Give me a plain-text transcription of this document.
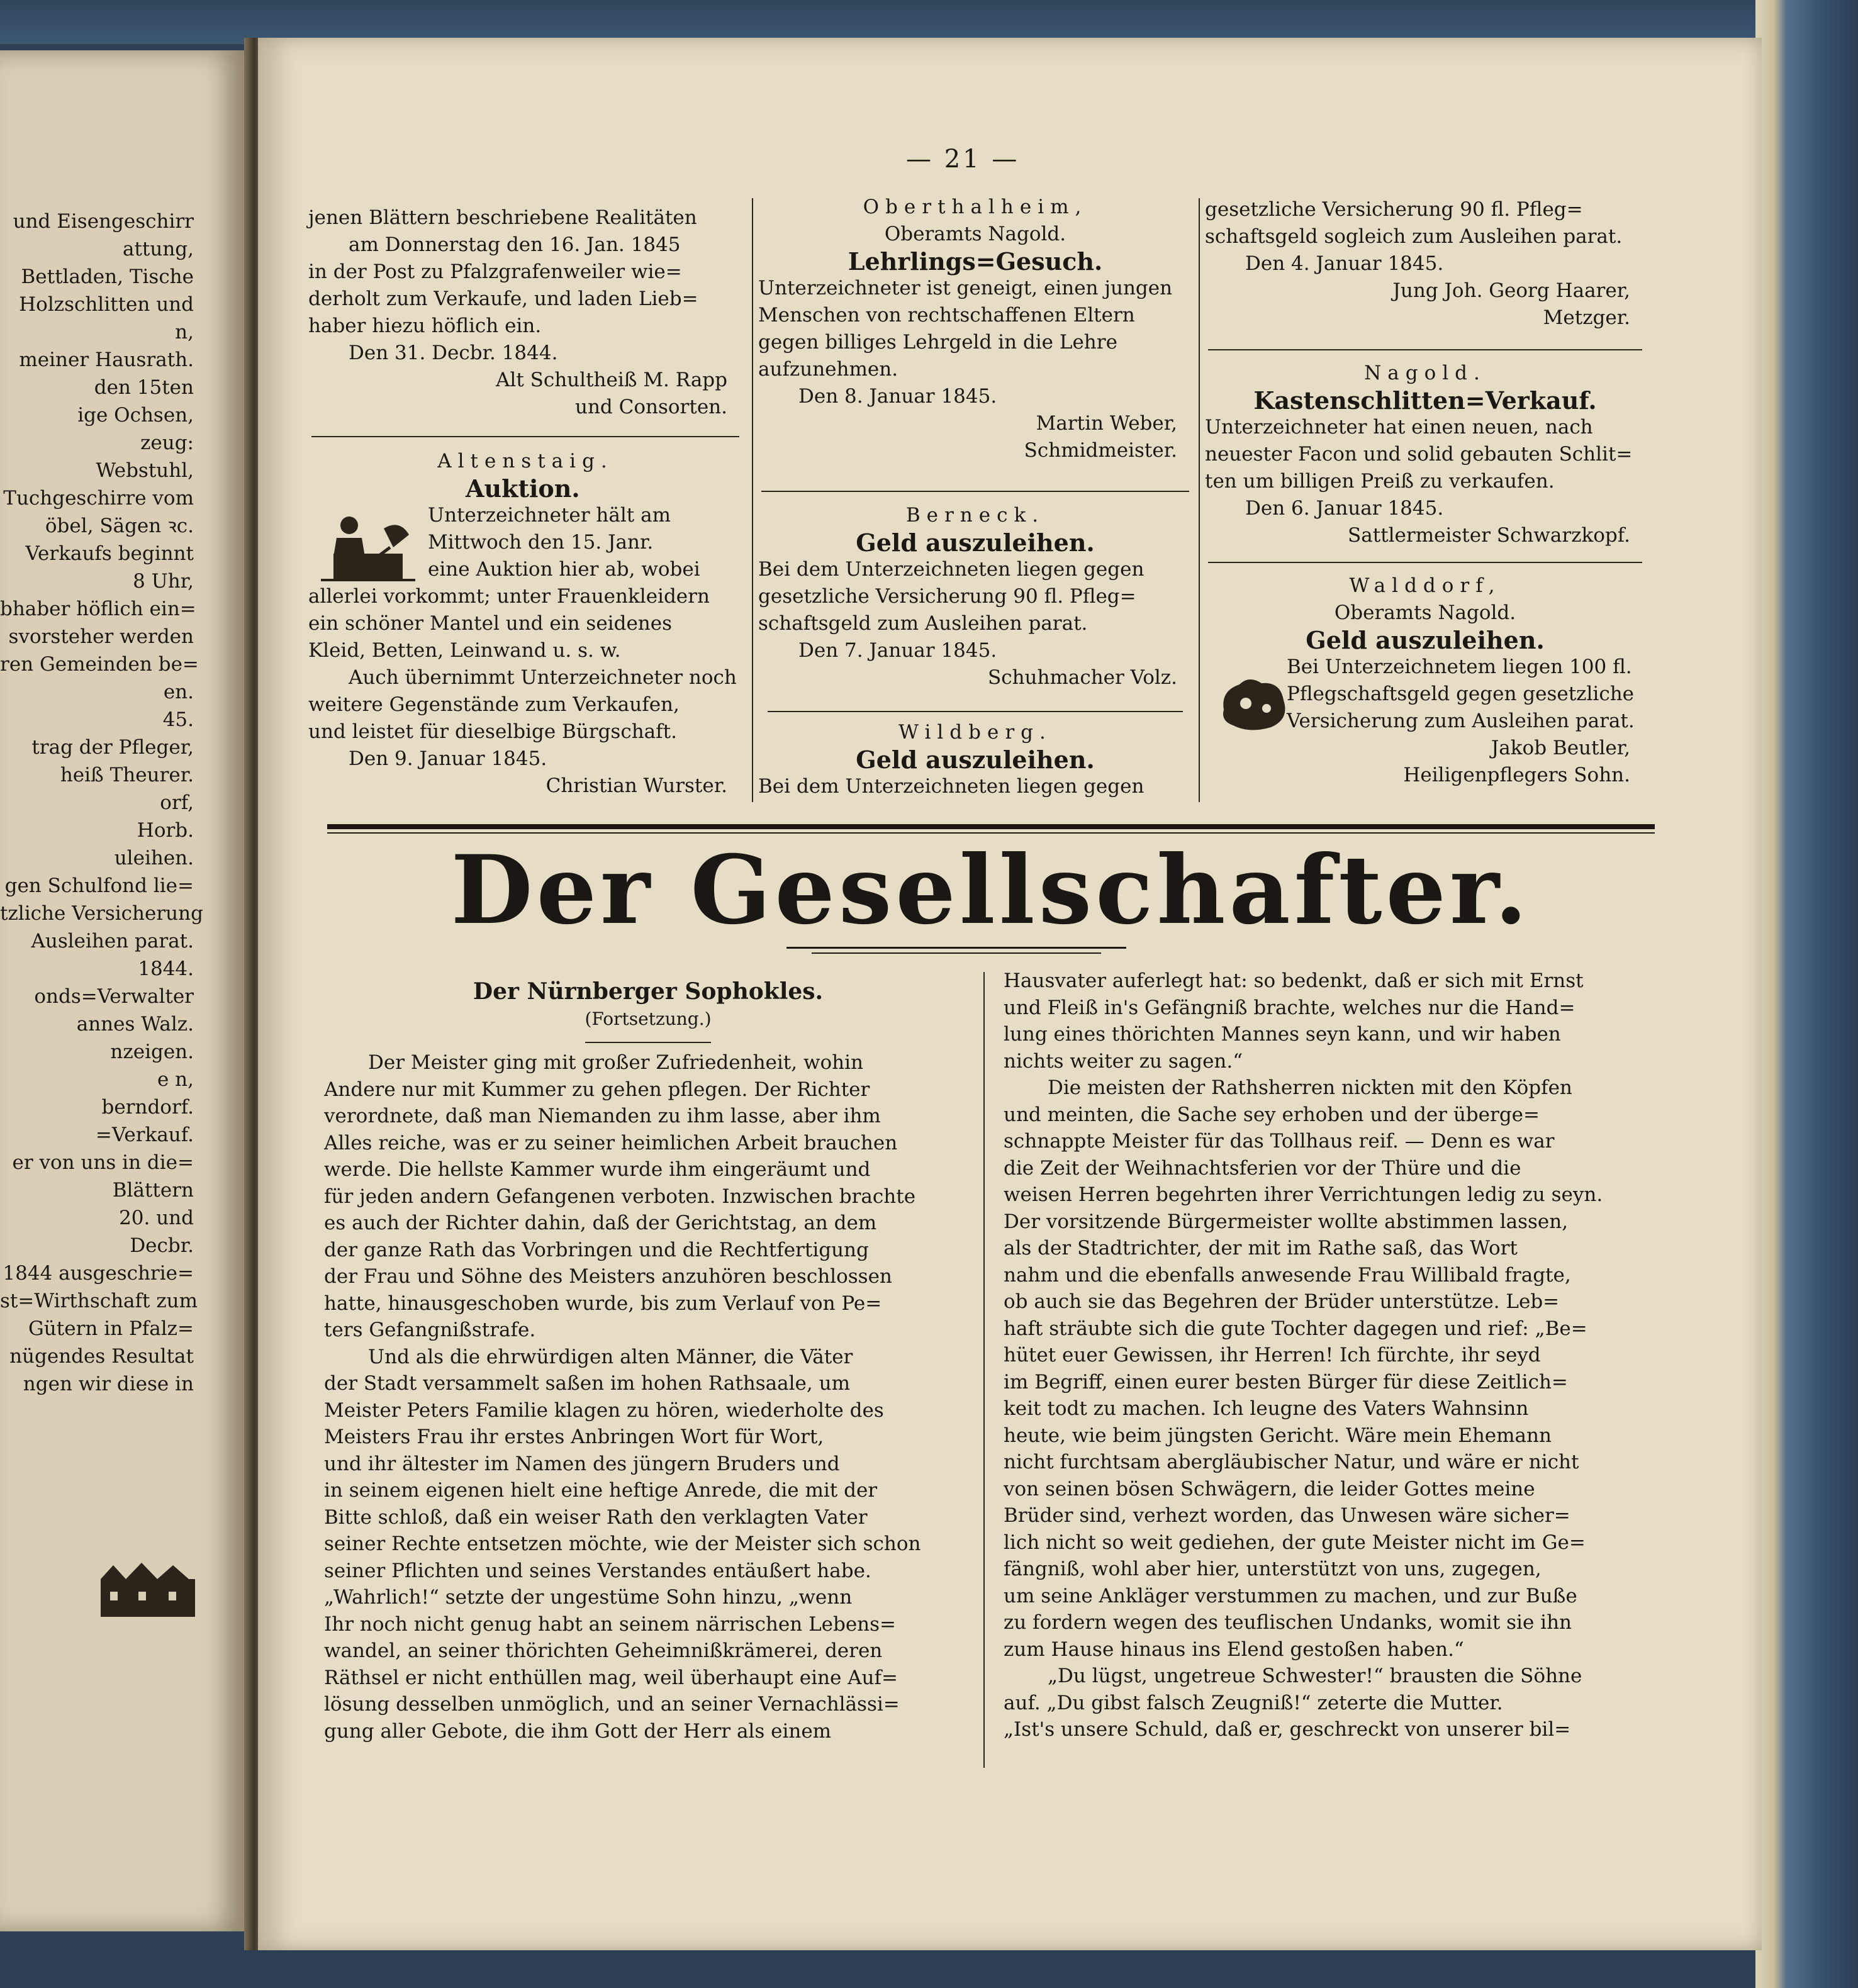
und Eisengeschirr

attung,

Bettladen, Tische

Holzschlitten und

n,

meiner Hausrath.

den 15ten

ige Ochsen,

zeug:

Webstuhl,

Tuchgeschirre vom

öbel, Sägen ꝛc.

Verkaufs beginnt

8 Uhr,

bhaber höflich ein=

svorsteher werden

ren Gemeinden be=

en.

45.

trag der Pfleger,

heiß Theurer.

orf,

Horb.

uleihen.

gen Schulfond lie=

tzliche Versicherung

Ausleihen parat.

1844.

onds=Verwalter

annes Walz.

nzeigen.

e n,

berndorf.

=Verkauf.

er von uns in die=

Blättern

20. und

Decbr.

1844 ausgeschrie=

st=Wirthschaft zum

Gütern in Pfalz=

nügendes Resultat

ngen wir diese in

— 21 —

jenen Blättern beschriebene Realitäten

am Donnerstag den 16. Jan. 1845

in der Post zu Pfalzgrafenweiler wie=

derholt zum Verkaufe, und laden Lieb=

haber hiezu höflich ein.

Den 31. Decbr. 1844.

Alt Schultheiß M. Rapp

und Consorten.

Altenstaig.

Auktion.

Unterzeichneter hält am

Mittwoch den 15. Janr.

eine Auktion hier ab, wobei

allerlei vorkommt; unter Frauenkleidern

ein schöner Mantel und ein seidenes

Kleid, Betten, Leinwand u. s. w.

Auch übernimmt Unterzeichneter noch

weitere Gegenstände zum Verkaufen,

und leistet für dieselbige Bürgschaft.

Den 9. Januar 1845.

Christian Wurster.

Oberthalheim,

Oberamts Nagold.

Lehrlings=Gesuch.

Unterzeichneter ist geneigt, einen jungen

Menschen von rechtschaffenen Eltern

gegen billiges Lehrgeld in die Lehre

aufzunehmen.

Den 8. Januar 1845.

Martin Weber,

Schmidmeister.

Berneck.

Geld auszuleihen.

Bei dem Unterzeichneten liegen gegen

gesetzliche Versicherung 90 fl. Pfleg=

schaftsgeld zum Ausleihen parat.

Den 7. Januar 1845.

Schuhmacher Volz.

Wildberg.

Geld auszuleihen.

Bei dem Unterzeichneten liegen gegen

gesetzliche Versicherung 90 fl. Pfleg=

schaftsgeld sogleich zum Ausleihen parat.

Den 4. Januar 1845.

Jung Joh. Georg Haarer,

Metzger.

Nagold.

Kastenschlitten=Verkauf.

Unterzeichneter hat einen neuen, nach

neuester Facon und solid gebauten Schlit=

ten um billigen Preiß zu verkaufen.

Den 6. Januar 1845.

Sattlermeister Schwarzkopf.

Walddorf,

Oberamts Nagold.

Geld auszuleihen.

Bei Unterzeichnetem liegen 100 fl.

Pflegschaftsgeld gegen gesetzliche

Versicherung zum Ausleihen parat.

Jakob Beutler,

Heiligenpflegers Sohn.

Der Gesellschafter.

Der Nürnberger Sophokles.

(Fortsetzung.)

Der Meister ging mit großer Zufriedenheit, wohin

Andere nur mit Kummer zu gehen pflegen. Der Richter

verordnete, daß man Niemanden zu ihm lasse, aber ihm

Alles reiche, was er zu seiner heimlichen Arbeit brauchen

werde. Die hellste Kammer wurde ihm eingeräumt und

für jeden andern Gefangenen verboten. Inzwischen brachte

es auch der Richter dahin, daß der Gerichtstag, an dem

der ganze Rath das Vorbringen und die Rechtfertigung

der Frau und Söhne des Meisters anzuhören beschlossen

hatte, hinausgeschoben wurde, bis zum Verlauf von Pe=

ters Gefangnißstrafe.

Und als die ehrwürdigen alten Männer, die Väter

der Stadt versammelt saßen im hohen Rathsaale, um

Meister Peters Familie klagen zu hören, wiederholte des

Meisters Frau ihr erstes Anbringen Wort für Wort,

und ihr ältester im Namen des jüngern Bruders und

in seinem eigenen hielt eine heftige Anrede, die mit der

Bitte schloß, daß ein weiser Rath den verklagten Vater

seiner Rechte entsetzen möchte, wie der Meister sich schon

seiner Pflichten und seines Verstandes entäußert habe.

„Wahrlich!“ setzte der ungestüme Sohn hinzu, „wenn

Ihr noch nicht genug habt an seinem närrischen Lebens=

wandel, an seiner thörichten Geheimnißkrämerei, deren

Räthsel er nicht enthüllen mag, weil überhaupt eine Auf=

lösung desselben unmöglich, und an seiner Vernachlässi=

gung aller Gebote, die ihm Gott der Herr als einem

Hausvater auferlegt hat: so bedenkt, daß er sich mit Ernst

und Fleiß in's Gefängniß brachte, welches nur die Hand=

lung eines thörichten Mannes seyn kann, und wir haben

nichts weiter zu sagen.“

Die meisten der Rathsherren nickten mit den Köpfen

und meinten, die Sache sey erhoben und der überge=

schnappte Meister für das Tollhaus reif. — Denn es war

die Zeit der Weihnachtsferien vor der Thüre und die

weisen Herren begehrten ihrer Verrichtungen ledig zu seyn.

Der vorsitzende Bürgermeister wollte abstimmen lassen,

als der Stadtrichter, der mit im Rathe saß, das Wort

nahm und die ebenfalls anwesende Frau Willibald fragte,

ob auch sie das Begehren der Brüder unterstütze. Leb=

haft sträubte sich die gute Tochter dagegen und rief: „Be=

hütet euer Gewissen, ihr Herren! Ich fürchte, ihr seyd

im Begriff, einen eurer besten Bürger für diese Zeitlich=

keit todt zu machen. Ich leugne des Vaters Wahnsinn

heute, wie beim jüngsten Gericht. Wäre mein Ehemann

nicht furchtsam abergläubischer Natur, und wäre er nicht

von seinen bösen Schwägern, die leider Gottes meine

Brüder sind, verhezt worden, das Unwesen wäre sicher=

lich nicht so weit gediehen, der gute Meister nicht im Ge=

fängniß, wohl aber hier, unterstützt von uns, zugegen,

um seine Ankläger verstummen zu machen, und zur Buße

zu fordern wegen des teuflischen Undanks, womit sie ihn

zum Hause hinaus ins Elend gestoßen haben.“

„Du lügst, ungetreue Schwester!“ brausten die Söhne

auf. „Du gibst falsch Zeugniß!“ zeterte die Mutter.

„Ist's unsere Schuld, daß er, geschreckt von unserer bil=
